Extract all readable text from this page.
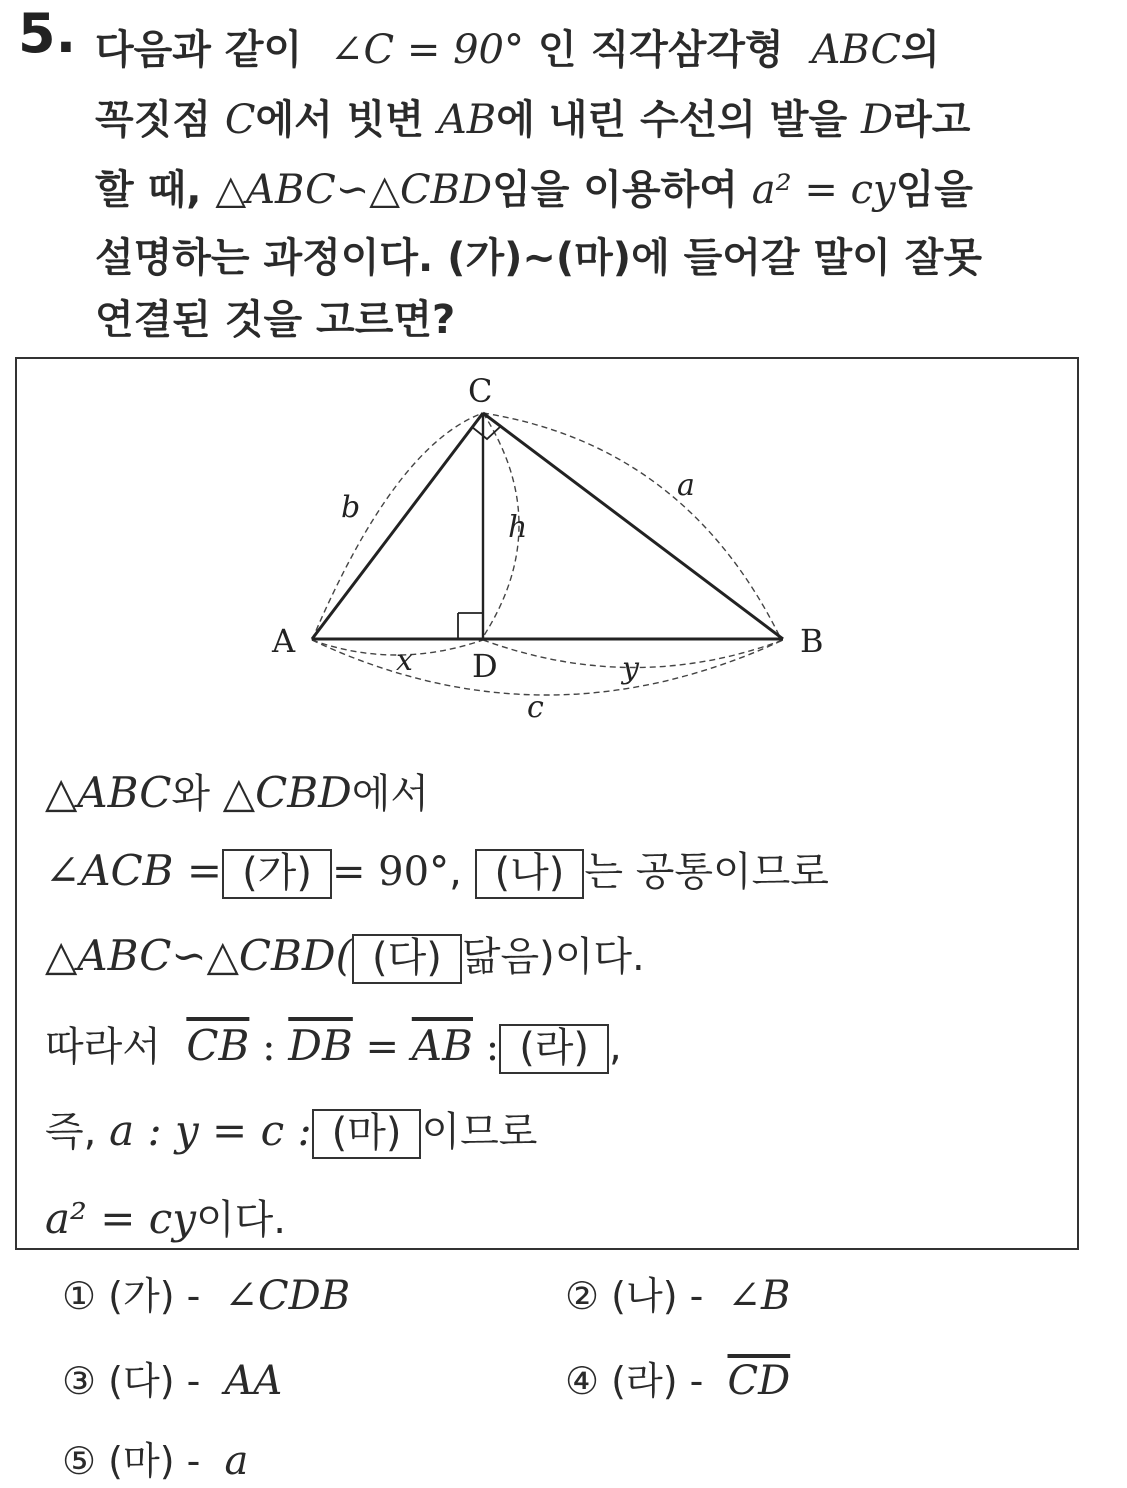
5. 다음과 같이 ∠C = 90° 인 직각삼각형 ABC의
꼭짓점 C에서 빗변 AB에 내린 수선의 발을 D라고
할 때, △ABC∽△CBD임을 이용하여 a² = cy임을
설명하는 과정이다. (가)~(마)에 들어갈 말이 잘못
연결된 것을 고르면?
C
A	B
D
b
a
h
x	y
c
△ABC와 △CBD에서
∠ACB = (가) = 90°, (나) 는 공통이므로
△ABC∽△CBD( (다) 닮음)이다.
따라서 $\overline{CB}$ : $\overline{DB} = \overline{AB}$ : (라) ,
즉, a : y = c : (마) 이므로
a² = cy이다.
① (가) - ∠CDB	② (나) - ∠B
③ (다) - AA	④ (라) - $\overline{CD}$
⑤ (마) - a
